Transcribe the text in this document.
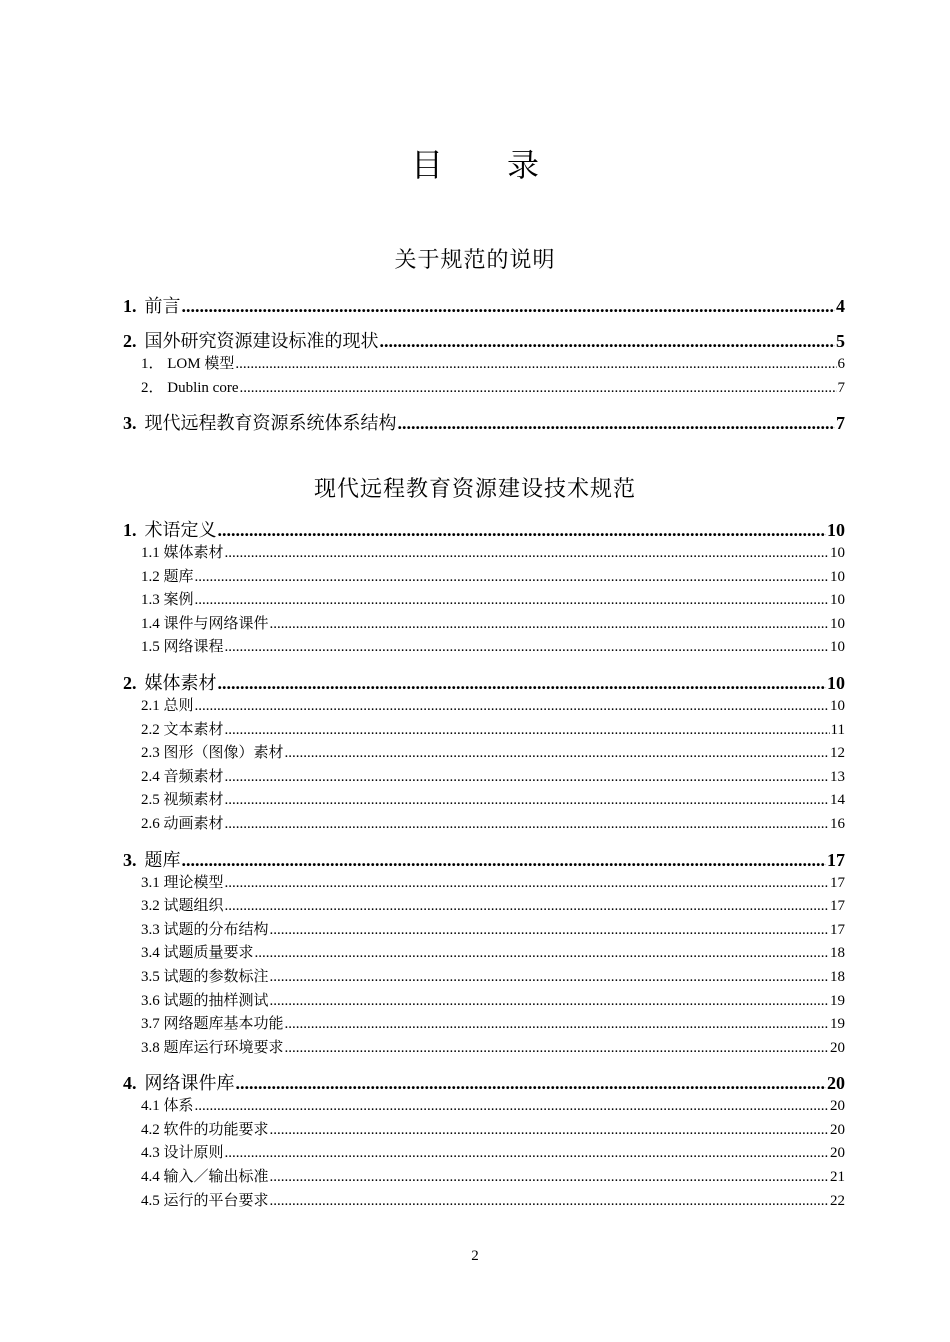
目 录
关于规范的说明
1. 前言 .....	4
2. 国外研究资源建设标准的现状 .....	5
1． LOM 模型 .....	6
2． Dublin core .....	7
3. 现代远程教育资源系统体系结构 .....	7
现代远程教育资源建设技术规范
1. 术语定义 .....	10
1.1 媒体素材 .....	10
1.2 题库 .....	10
1.3 案例 .....	10
1.4 课件与网络课件 .....	10
1.5 网络课程 .....	10
2. 媒体素材 .....	10
2.1 总则 .....	10
2.2 文本素材 .....	11
2.3 图形（图像）素材 .....	12
2.4 音频素材 .....	13
2.5 视频素材 .....	14
2.6 动画素材 .....	16
3. 题库 .....	17
3.1 理论模型 .....	17
3.2 试题组织 .....	17
3.3 试题的分布结构 .....	17
3.4 试题质量要求 .....	18
3.5 试题的参数标注 .....	18
3.6 试题的抽样测试 .....	19
3.7 网络题库基本功能 .....	19
3.8 题库运行环境要求 .....	20
4. 网络课件库 .....	20
4.1 体系 .....	20
4.2 软件的功能要求 .....	20
4.3 设计原则 .....	20
4.4 输入／输出标准 .....	21
4.5 运行的平台要求 .....	22
2
